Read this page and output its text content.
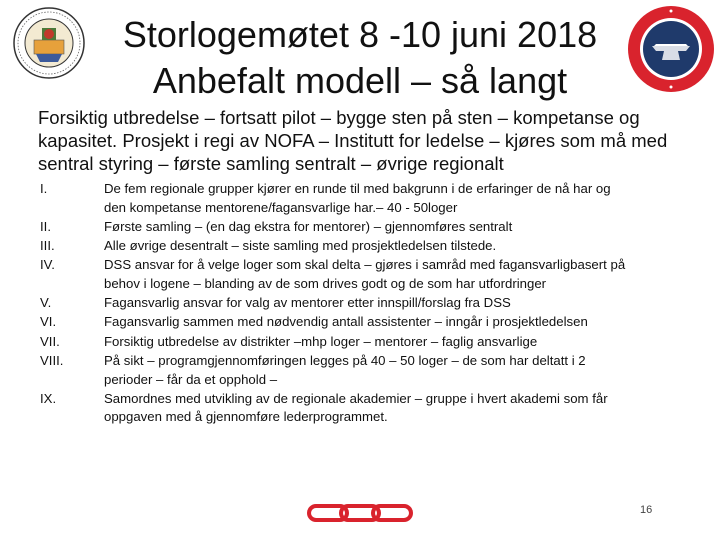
Storlogemøtet 8 -10 juni 2018
Anbefalt modell – så langt
Forsiktig utbredelse – fortsatt pilot – bygge sten på sten – kompetanse og
kapasitet. Prosjekt i regi av NOFA – Institutt for ledelse – kjøres som må med
sentral styring – første samling sentralt – øvrige regionalt
I.	De fem regionale grupper kjører en runde til med bakgrunn i de erfaringer de nå har og
den kompetanse mentorene/fagansvarlige har.– 40 - 50loger
II.	Første samling – (en dag ekstra for mentorer) – gjennomføres sentralt
III.	Alle øvrige desentralt – siste samling med prosjektledelsen tilstede.
IV.	DSS ansvar for å velge loger som skal delta – gjøres i samråd med fagansvarligbasert på
behov i logene – blanding av de som drives godt og de som har utfordringer
V.	Fagansvarlig ansvar for valg av mentorer etter innspill/forslag fra DSS
VI.	Fagansvarlig sammen med nødvendig antall assistenter – inngår i prosjektledelsen
VII.	Forsiktig utbredelse av distrikter –mhp loger – mentorer – faglig ansvarlige
VIII.	På sikt – programgjennomføringen legges på 40 – 50 loger – de som har deltatt i 2
perioder – får da et opphold –
IX.	Samordnes med utvikling av de regionale akademier – gruppe i hvert akademi som får
oppgaven med å gjennomføre lederprogrammet.
16
